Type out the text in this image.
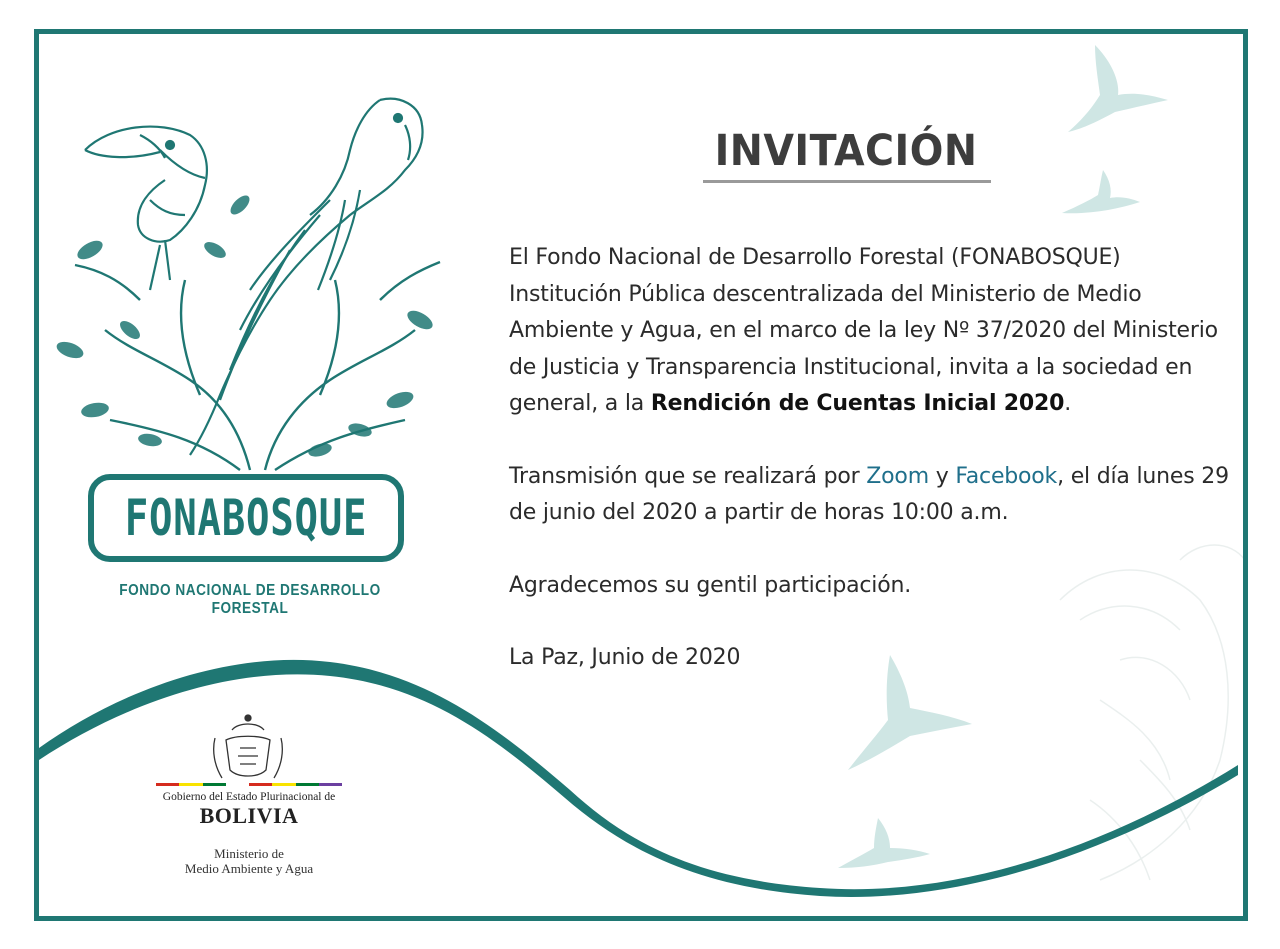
INVITACIÓN

El Fondo Nacional de Desarrollo Forestal (FONABOSQUE) Institución Pública descentralizada del Ministerio de Medio Ambiente y Agua, en el marco de la ley Nº 37/2020 del Ministerio de Justicia y Transparencia Institucional, invita a la sociedad en general, a la Rendición de Cuentas Inicial 2020.

Transmisión que se realizará por Zoom y Facebook, el día lunes 29 de junio del 2020 a partir de horas 10:00 a.m.

Agradecemos su gentil participación.

La Paz, Junio de 2020

FONABOSQUE
FONDO NACIONAL DE DESARROLLO FORESTAL
Gobierno del Estado Plurinacional de
BOLIVIA
Ministerio de
Medio Ambiente y Agua
